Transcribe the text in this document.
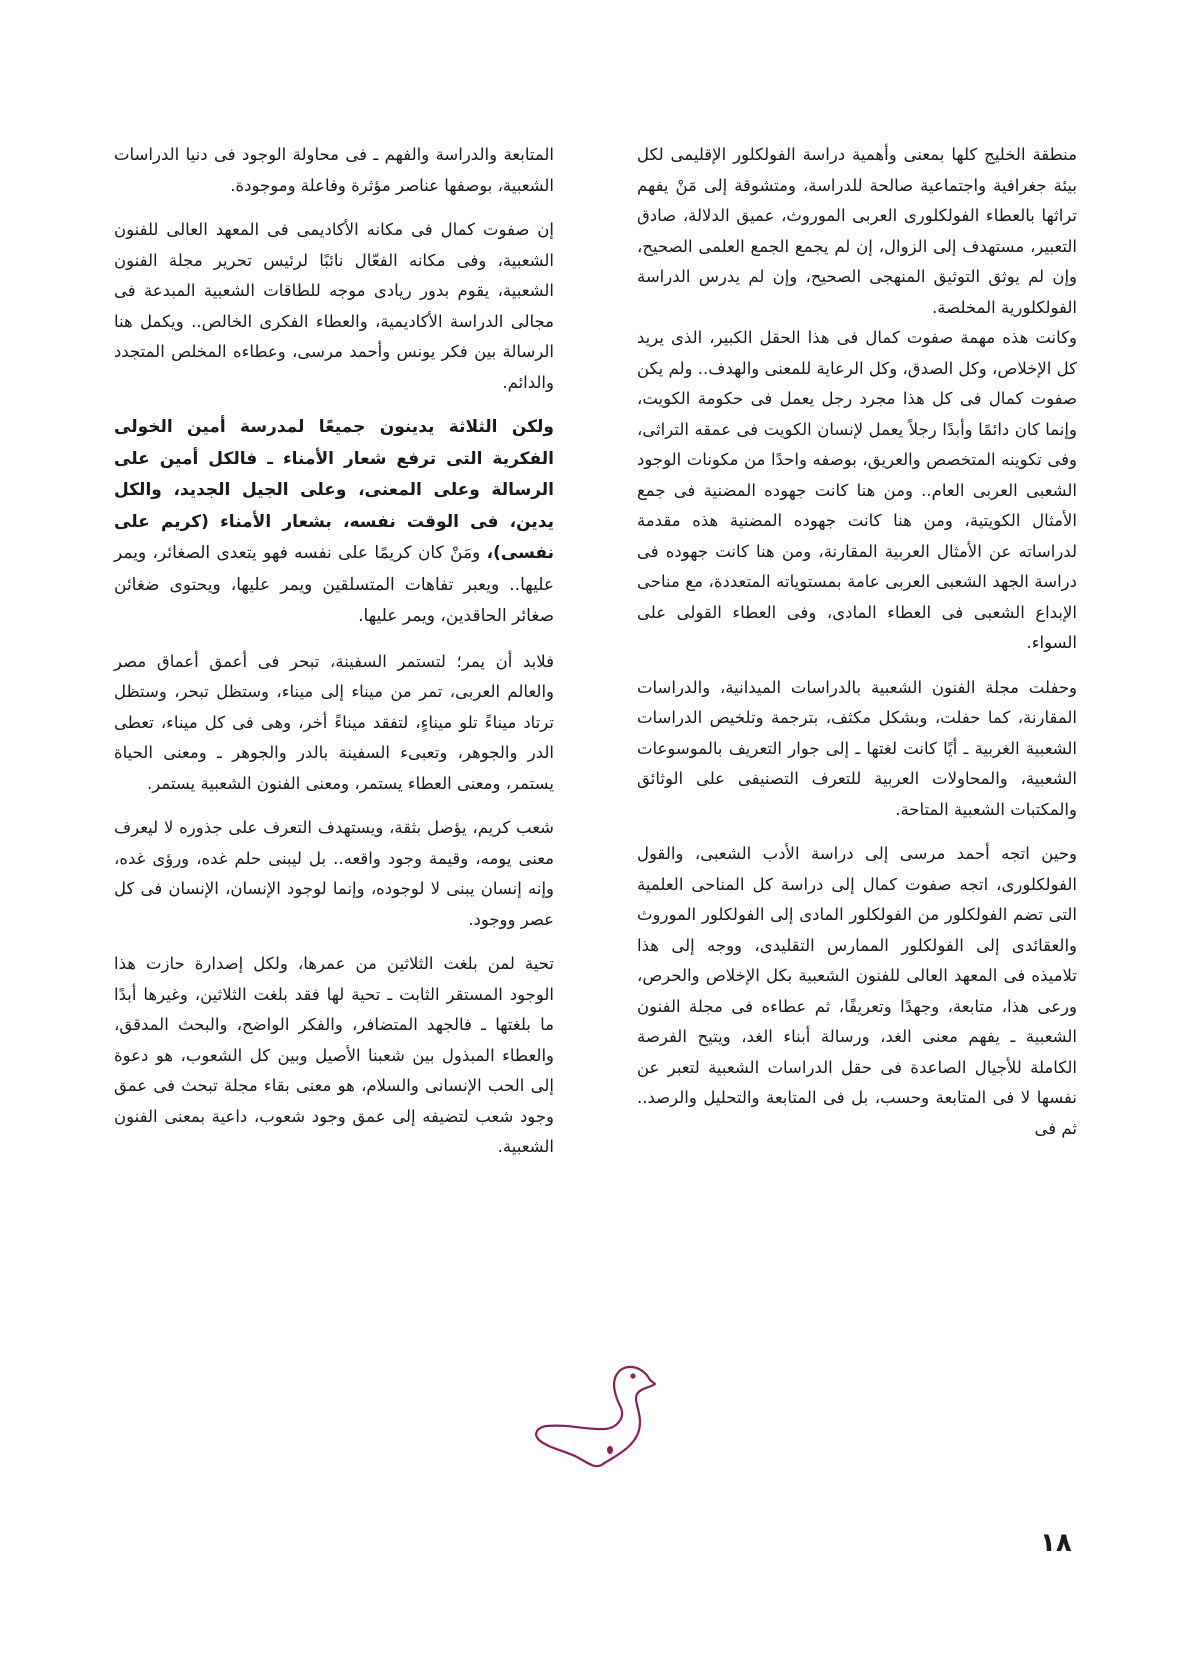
منطقة الخليج كلها بمعنى وأهمية دراسة الفولكلور الإقليمى لكل بيئة جغرافية واجتماعية صالحة للدراسة، ومتشوقة إلى مَنْ يفهم تراثها بالعطاء الفولكلورى العربى الموروث، عميق الدلالة، صادق التعبير، مستهدف إلى الزوال، إن لم يجمع الجمع العلمى الصحيح، وإن لم يوثق التوثيق المنهجى الصحيح، وإن لم يدرس الدراسة الفولكلورية المخلصة.

وكانت هذه مهمة صفوت كمال فى هذا الحقل الكبير، الذى يريد كل الإخلاص، وكل الصدق، وكل الرعاية للمعنى والهدف.. ولم يكن صفوت كمال فى كل هذا مجرد رجل يعمل فى حكومة الكويت، وإنما كان دائمًا وأبدًا رجلاً يعمل لإنسان الكويت فى عمقه التراثى، وفى تكوينه المتخصص والعريق، بوصفه واحدًا من مكونات الوجود الشعبى العربى العام.. ومن هنا كانت جهوده المضنية فى جمع الأمثال الكويتية، ومن هنا كانت جهوده المضنية هذه مقدمة لدراساته عن الأمثال العربية المقارنة، ومن هنا كانت جهوده فى دراسة الجهد الشعبى العربى عامة بمستوياته المتعددة، مع مناحى الإبداع الشعبى فى العطاء المادى، وفى العطاء القولى على السواء.

وحفلت مجلة الفنون الشعبية بالدراسات الميدانية، والدراسات المقارنة، كما حفلت، وبشكل مكثف، بترجمة وتلخيص الدراسات الشعبية الغربية ـ أيًا كانت لغتها ـ إلى جوار التعريف بالموسوعات الشعبية، والمحاولات العربية للتعرف التصنيفى على الوثائق والمكتبات الشعبية المتاحة.

وحين اتجه أحمد مرسى إلى دراسة الأدب الشعبى، والقول الفولكلورى، اتجه صفوت كمال إلى دراسة كل المناحى العلمية التى تضم الفولكلور من الفولكلور المادى إلى الفولكلور الموروث والعقائدى إلى الفولكلور الممارس التقليدى، ووجه إلى هذا تلاميذه فى المعهد العالى للفنون الشعبية بكل الإخلاص والحرص، ورعى هذا، متابعة، وجهدًا وتعريفًا، ثم عطاءه فى مجلة الفنون الشعبية ـ يفهم معنى الغد، ورسالة أبناء الغد، ويتيح الفرصة الكاملة للأجيال الصاعدة فى حقل الدراسات الشعبية لتعبر عن نفسها لا فى المتابعة وحسب، بل فى المتابعة والتحليل والرصد.. ثم فى

المتابعة والدراسة والفهم ـ فى محاولة الوجود فى دنيا الدراسات الشعبية، بوصفها عناصر مؤثرة وفاعلة وموجودة.

إن صفوت كمال فى مكانه الأكاديمى فى المعهد العالى للفنون الشعبية، وفى مكانه الفعّال نائبًا لرئيس تحرير مجلة الفنون الشعبية، يقوم بدور ريادى موجه للطاقات الشعبية المبدعة فى مجالى الدراسة الأكاديمية، والعطاء الفكرى الخالص.. ويكمل هنا الرسالة بين فكر يونس وأحمد مرسى، وعطاءه المخلص المتجدد والدائم.

ولكن الثلاثة يدينون جميعًا لمدرسة أمين الخولى الفكرية التى ترفع شعار الأمناء ـ فالكل أمين على الرسالة وعلى المعنى، وعلى الجيل الجديد، والكل يدين، فى الوقت نفسه، بشعار الأمناء (كريم على نفسى)، ومَنْ كان كريمًا على نفسه فهو يتعدى الصغائر، ويمر عليها.. ويعبر تفاهات المتسلقين ويمر عليها، ويحتوى ضغائن صغائر الحاقدين، ويمر عليها.

فلابد أن يمر؛ لتستمر السفينة، تبحر فى أعمق أعماق مصر والعالم العربى، تمر من ميناء إلى ميناء، وستظل تبحر، وستظل ترتاد ميناءً تلو ميناءٍ، لتفقد ميناءً أخر، وهى فى كل ميناء، تعطى الدر والجوهر، وتعبىء السفينة بالدر والجوهر ـ ومعنى الحياة يستمر، ومعنى العطاء يستمر، ومعنى الفنون الشعبية يستمر.

شعب كريم، يؤصل بثقة، ويستهدف التعرف على جذوره لا ليعرف معنى يومه، وقيمة وجود واقعه.. بل ليبنى حلم غده، ورؤى غده، وإنه إنسان يبنى لا لوجوده، وإنما لوجود الإنسان، الإنسان فى كل عصر ووجود.

تحية لمن بلغت الثلاثين من عمرها، ولكل إصدارة حازت هذا الوجود المستقر الثابت ـ تحية لها فقد بلغت الثلاثين، وغيرها أبدًا ما بلغتها ـ فالجهد المتضافر، والفكر الواضح، والبحث المدقق، والعطاء المبذول بين شعبنا الأصيل وبين كل الشعوب، هو دعوة إلى الحب الإنسانى والسلام، هو معنى بقاء مجلة تبحث فى عمق وجود شعب لتضيفه إلى عمق وجود شعوب، داعية بمعنى الفنون الشعبية.

١٨
